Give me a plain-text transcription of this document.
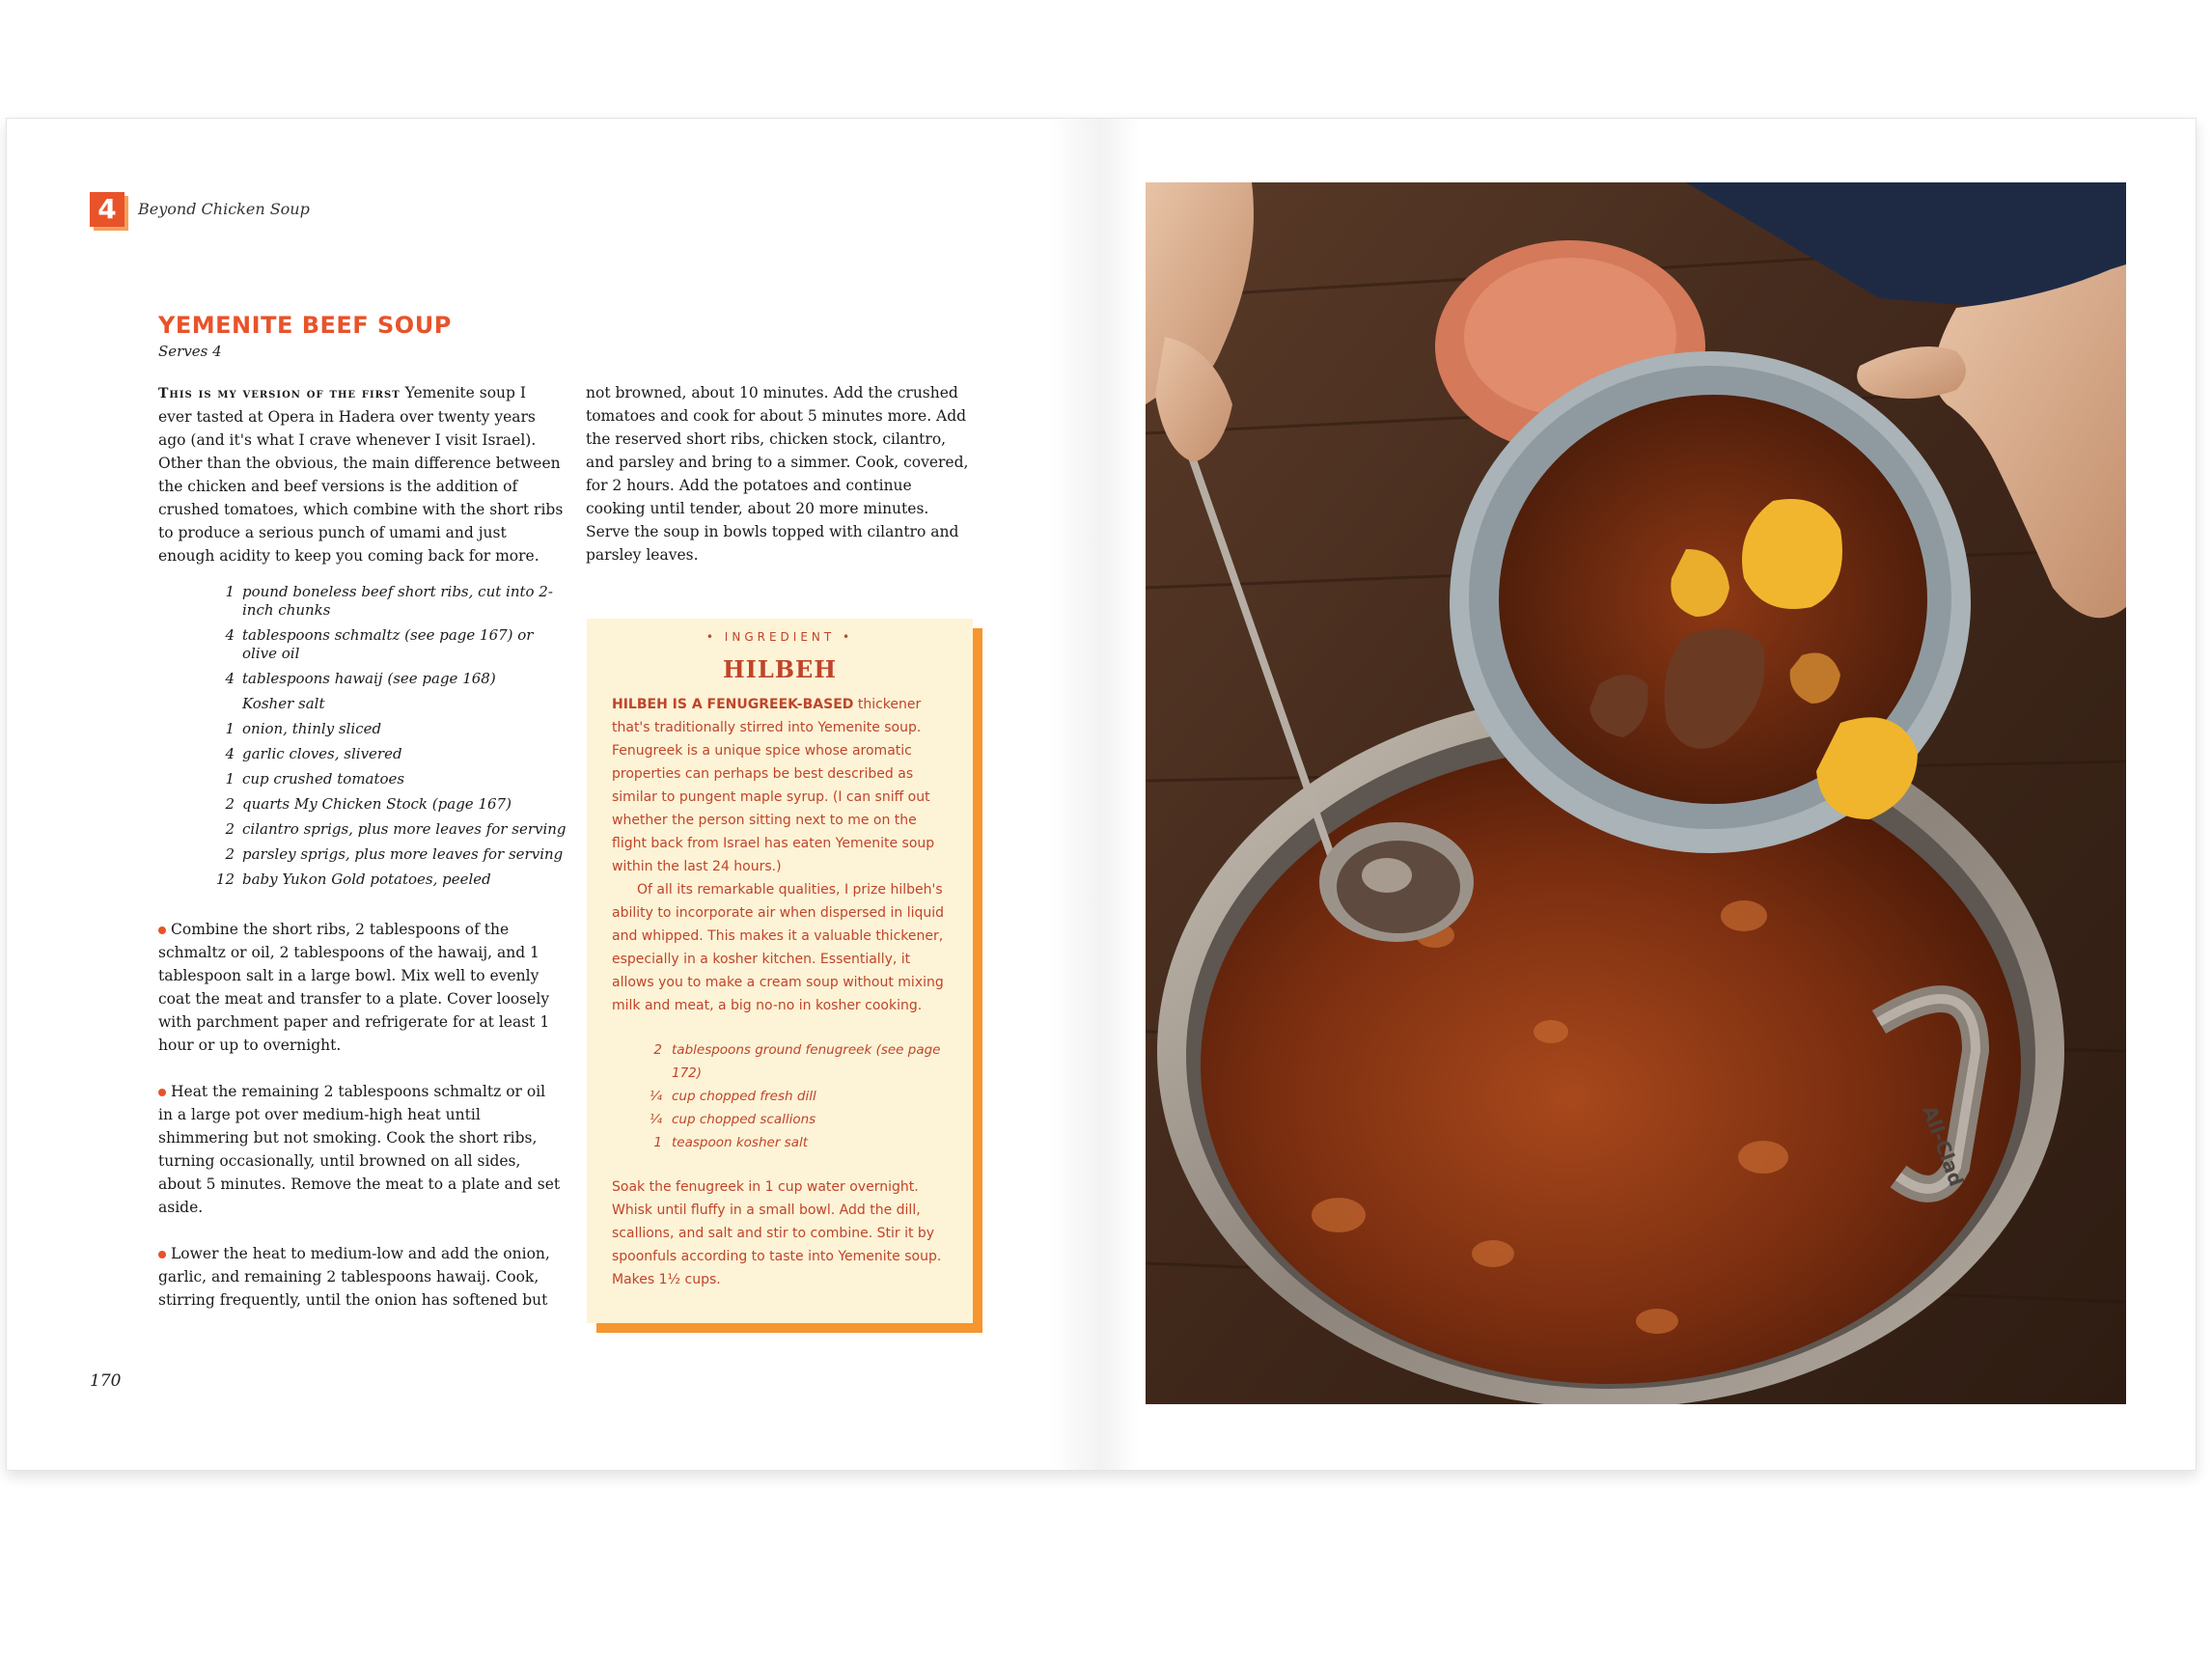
4	Beyond Chicken Soup
YEMENITE BEEF SOUP
Serves 4
This is my version of the first Yemenite soup I ever tasted at Opera in Hadera over twenty years ago (and it's what I crave whenever I visit Israel). Other than the obvious, the main difference between the chicken and beef versions is the addition of crushed tomatoes, which combine with the short ribs to produce a serious punch of umami and just enough acidity to keep you coming back for more.
1 pound boneless beef short ribs, cut into 2-inch chunks
4 tablespoons schmaltz (see page 167) or olive oil
4 tablespoons hawaij (see page 168)
Kosher salt
1 onion, thinly sliced
4 garlic cloves, slivered
1 cup crushed tomatoes
2 quarts My Chicken Stock (page 167)
2 cilantro sprigs, plus more leaves for serving
2 parsley sprigs, plus more leaves for serving
12 baby Yukon Gold potatoes, peeled
Combine the short ribs, 2 tablespoons of the schmaltz or oil, 2 tablespoons of the hawaij, and 1 tablespoon salt in a large bowl. Mix well to evenly coat the meat and transfer to a plate. Cover loosely with parchment paper and refrigerate for at least 1 hour or up to overnight.
Heat the remaining 2 tablespoons schmaltz or oil in a large pot over medium-high heat until shimmering but not smoking. Cook the short ribs, turning occasionally, until browned on all sides, about 5 minutes. Remove the meat to a plate and set aside.
Lower the heat to medium-low and add the onion, garlic, and remaining 2 tablespoons hawaij. Cook, stirring frequently, until the onion has softened but
not browned, about 10 minutes. Add the crushed tomatoes and cook for about 5 minutes more. Add the reserved short ribs, chicken stock, cilantro, and parsley and bring to a simmer. Cook, covered, for 2 hours. Add the potatoes and continue cooking until tender, about 20 more minutes. Serve the soup in bowls topped with cilantro and parsley leaves.
• INGREDIENT •
HILBEH

HILBEH IS A FENUGREEK-BASED thickener that's traditionally stirred into Yemenite soup. Fenugreek is a unique spice whose aromatic properties can perhaps be best described as similar to pungent maple syrup. (I can sniff out whether the person sitting next to me on the flight back from Israel has eaten Yemenite soup within the last 24 hours.)

Of all its remarkable qualities, I prize hilbeh's ability to incorporate air when dispersed in liquid and whipped. This makes it a valuable thickener, especially in a kosher kitchen. Essentially, it allows you to make a cream soup without mixing milk and meat, a big no-no in kosher cooking.

2 tablespoons ground fenugreek (see page 172)
¼ cup chopped fresh dill
¼ cup chopped scallions
1 teaspoon kosher salt
Soak the fenugreek in 1 cup water overnight. Whisk until fluffy in a small bowl. Add the dill, scallions, and salt and stir to combine. Stir it by spoonfuls according to taste into Yemenite soup. Makes 1½ cups.
170
All-Clad
